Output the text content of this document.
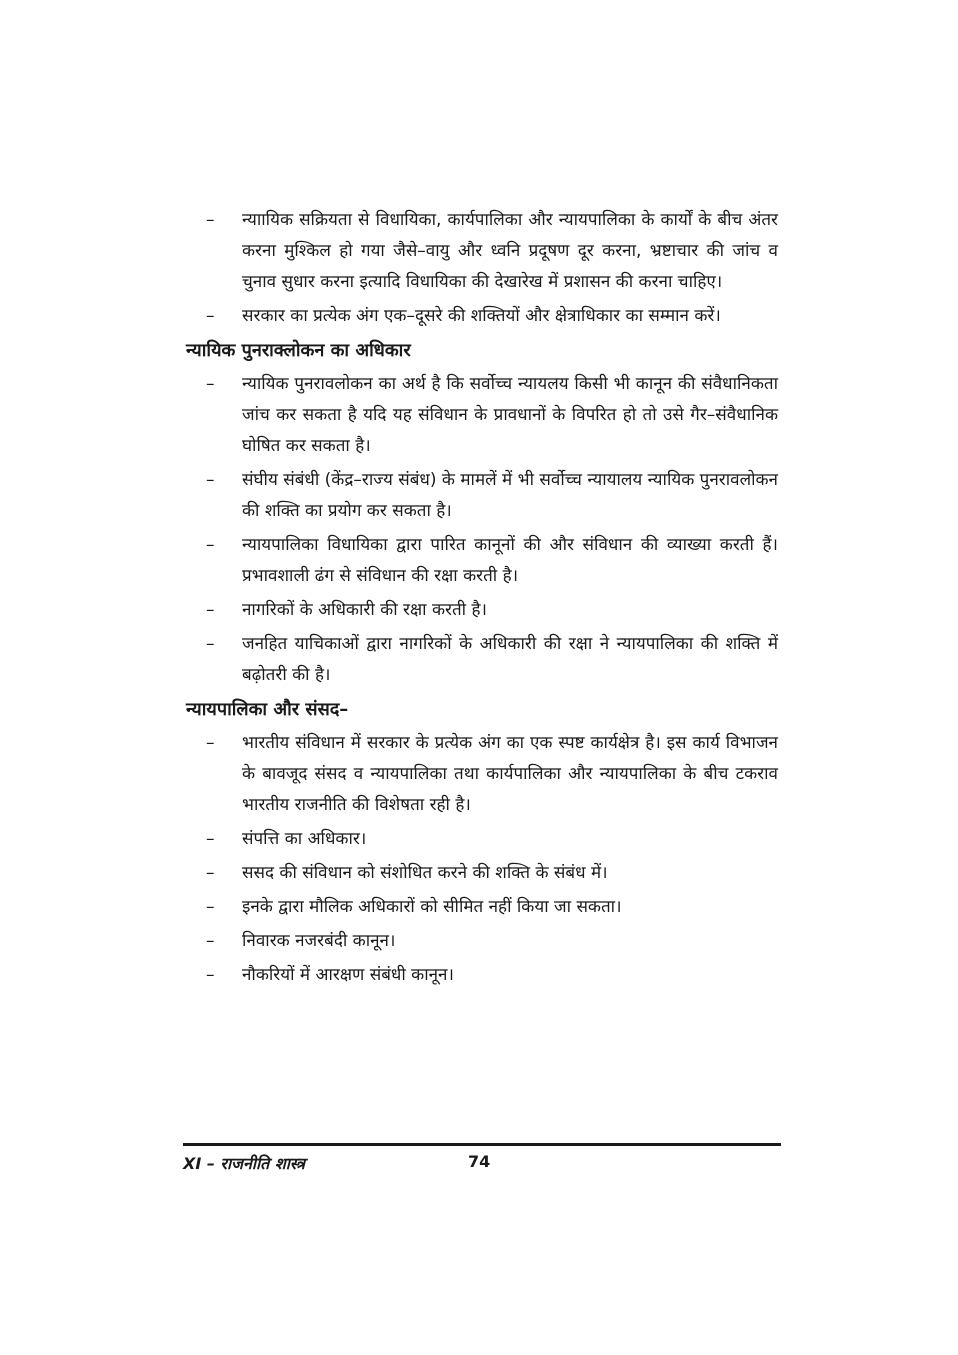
–	न्याायिक सक्रियता से विधायिका, कार्यपालिका और न्यायपालिका के कार्यों के बीच अंतर करना मुश्किल हो गया जैसे–वायु और ध्वनि प्रदूषण दूर करना, भ्रष्टाचार की जांच व चुनाव सुधार करना इत्यादि विधायिका की देखारेख में प्रशासन की करना चाहिए।
–	सरकार का प्रत्येक अंग एक–दूसरे की शक्तियों और क्षेत्राधिकार का सम्मान करें।
न्यायिक पुनराक्लोकन का अधिकार
–	न्यायिक पुनरावलोकन का अर्थ है कि सर्वोच्च न्यायलय किसी भी कानून की संवैधानिकता जांच कर सकता है यदि यह संविधान के प्रावधानों के विपरित हो तो उसे गैर–संवैधानिक घोषित कर सकता है।
–	संघीय संबंधी (केंद्र–राज्य संबंध) के मामलें में भी सर्वोच्च न्यायालय न्यायिक पुनरावलोकन की शक्ति का प्रयोग कर सकता है।
–	न्यायपालिका विधायिका द्वारा पारित कानूनों की और संविधान की व्याख्या करती हैं। प्रभावशाली ढंग से संविधान की रक्षा करती है।
–	नागरिकों के अधिकारी की रक्षा करती है।
–	जनहित याचिकाओं द्वारा नागरिकों के अधिकारी की रक्षा ने न्यायपालिका की शक्ति में बढ़ोतरी की है।
न्यायपालिका और संसद–
–	भारतीय संविधान में सरकार के प्रत्येक अंग का एक स्पष्ट कार्यक्षेत्र है। इस कार्य विभाजन के बावजूद संसद व न्यायपालिका तथा कार्यपालिका और न्यायपालिका के बीच टकराव भारतीय राजनीति की विशेषता रही है।
–	संपत्ति का अधिकार।
–	ससद की संविधान को संशोधित करने की शक्ति के संबंध में।
–	इनके द्वारा मौलिक अधिकारों को सीमित नहीं किया जा सकता।
–	निवारक नजरबंदी कानून।
–	नौकरियों में आरक्षण संबंधी कानून।
XI – राजनीति शास्त्र	74
